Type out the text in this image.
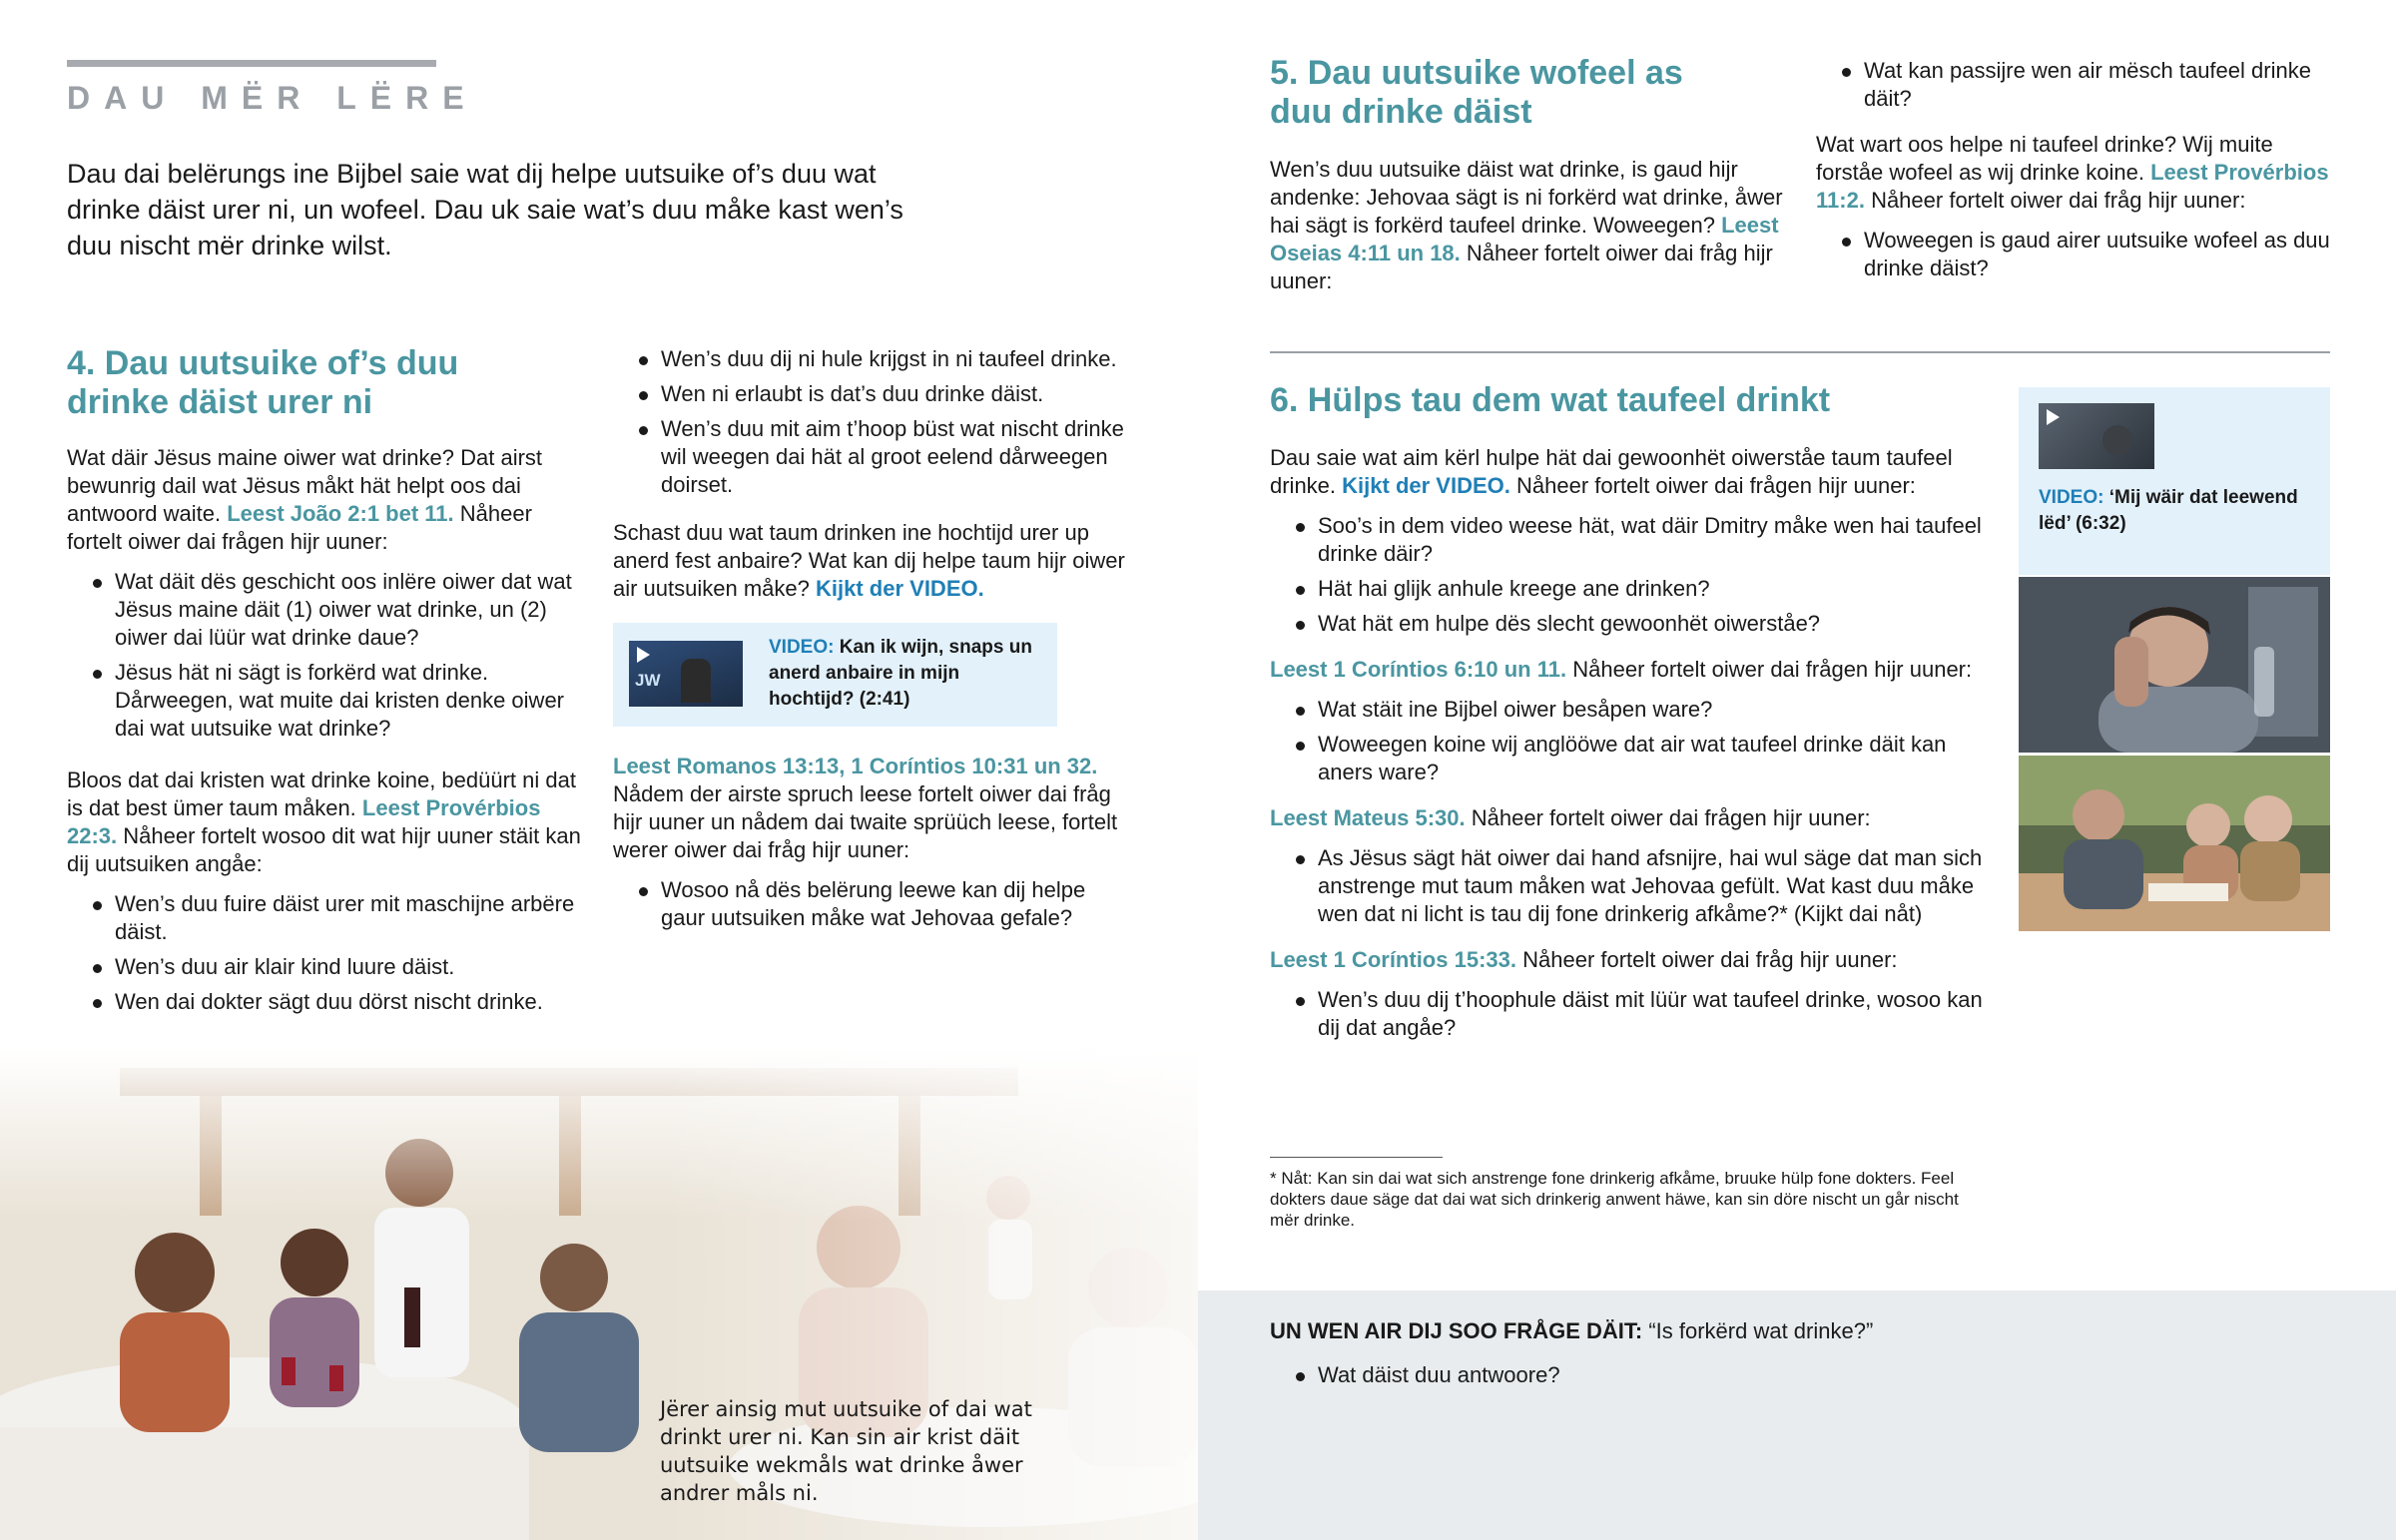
DAU MËR LËRE
Dau dai belërungs ine Bijbel saie wat dij helpe uutsuike of’s duu wat drinke däist urer ni, un wofeel. Dau uk saie wat’s duu måke kast wen’s duu nischt mër drinke wilst.
4. Dau uutsuike of’s duu
drinke däist urer ni
Wat däir Jësus maine oiwer wat drinke? Dat airst bewunrig dail wat Jësus måkt hät helpt oos dai antwoord waite. Leest João 2:1 bet 11. Nåheer fortelt oiwer dai frågen hijr uuner:
Wat däit dës geschicht oos inlëre oiwer dat wat Jësus maine däit (1) oiwer wat drinke, un (2) oiwer dai lüür wat drinke daue?
Jësus hät ni sägt is forkërd wat drinke. Dårweegen, wat muite dai kristen denke oiwer dai wat uutsuike wat drinke?
Bloos dat dai kristen wat drinke koine, bedüürt ni dat is dat best ümer taum måken. Leest Provérbios 22:3. Nåheer fortelt wosoo dit wat hijr uuner stäit kan dij uutsuiken angåe:
Wen’s duu fuire däist urer mit maschijne arbëre däist.
Wen’s duu air klair kind luure däist.
Wen dai dokter sägt duu dörst nischt drinke.
Wen’s duu dij ni hule krijgst in ni taufeel drinke.
Wen ni erlaubt is dat’s duu drinke däist.
Wen’s duu mit aim t’hoop büst wat nischt drinke wil weegen dai hät al groot eelend dårweegen doirset.
Schast duu wat taum drinken ine hochtijd urer up anerd fest anbaire? Wat kan dij helpe taum hijr oiwer air uutsuiken måke? Kijkt der VIDEO.
JW
VIDEO: Kan ik wijn, snaps un anerd anbaire in mijn hochtijd? (2:41)
Leest Romanos 13:13, 1 Coríntios 10:31 un 32.
Nådem der airste spruch leese fortelt oiwer dai fråg hijr uuner un nådem dai twaite sprüüch leese, fortelt werer oiwer dai fråg hijr uuner:
Wosoo nå dës belërung leewe kan dij helpe gaur uutsuiken måke wat Jehovaa gefale?
Jërer ainsig mut uutsuike of dai wat drinkt urer ni. Kan sin air krist däit uutsuike wekmåls wat drinke åwer andrer måls ni.
5. Dau uutsuike wofeel as
duu drinke däist
Wen’s duu uutsuike däist wat drinke, is gaud hijr andenke: Jehovaa sägt is ni forkërd wat drinke, åwer hai sägt is forkërd taufeel drinke. Woweegen? Leest Oseias 4:11 un 18. Nåheer fortelt oiwer dai fråg hijr uuner:
Wat kan passijre wen air mësch taufeel drinke däit?
Wat wart oos helpe ni taufeel drinke? Wij muite forståe wofeel as wij drinke koine. Leest Provérbios 11:2. Nåheer fortelt oiwer dai fråg hijr uuner:
Woweegen is gaud airer uutsuike wofeel as duu drinke däist?
6. Hülps tau dem wat taufeel drinkt
Dau saie wat aim kërl hulpe hät dai gewoonhët oiwerståe taum taufeel drinke. Kijkt der VIDEO. Nåheer fortelt oiwer dai frågen hijr uuner:
Soo’s in dem video weese hät, wat däir Dmitry måke wen hai taufeel drinke däir?
Hät hai glijk anhule kreege ane drinken?
Wat hät em hulpe dës slecht gewoonhët oiwerståe?
Leest 1 Coríntios 6:10 un 11. Nåheer fortelt oiwer dai frågen hijr uuner:
Wat stäit ine Bijbel oiwer besåpen ware?
Woweegen koine wij anglööwe dat air wat taufeel drinke däit kan aners ware?
Leest Mateus 5:30. Nåheer fortelt oiwer dai frågen hijr uuner:
As Jësus sägt hät oiwer dai hand afsnijre, hai wul säge dat man sich anstrenge mut taum måken wat Jehovaa gefült. Wat kast duu måke wen dat ni licht is tau dij fone drinkerig afkåme?* (Kijkt dai nåt)
Leest 1 Coríntios 15:33. Nåheer fortelt oiwer dai fråg hijr uuner:
Wen’s duu dij t’hoophule däist mit lüür wat taufeel drinke, wosoo kan dij dat angåe?
VIDEO: ‘Mij wäir dat leewend lëd’ (6:32)
* Nåt: Kan sin dai wat sich anstrenge fone drinkerig afkåme, bruuke hülp fone dokters. Feel dokters daue säge dat dai wat sich drinkerig anwent häwe, kan sin döre nischt un går nischt mër drinke.
UN WEN AIR DIJ SOO FRÅGE DÄIT: “Is forkërd wat drinke?”
Wat däist duu antwoore?
